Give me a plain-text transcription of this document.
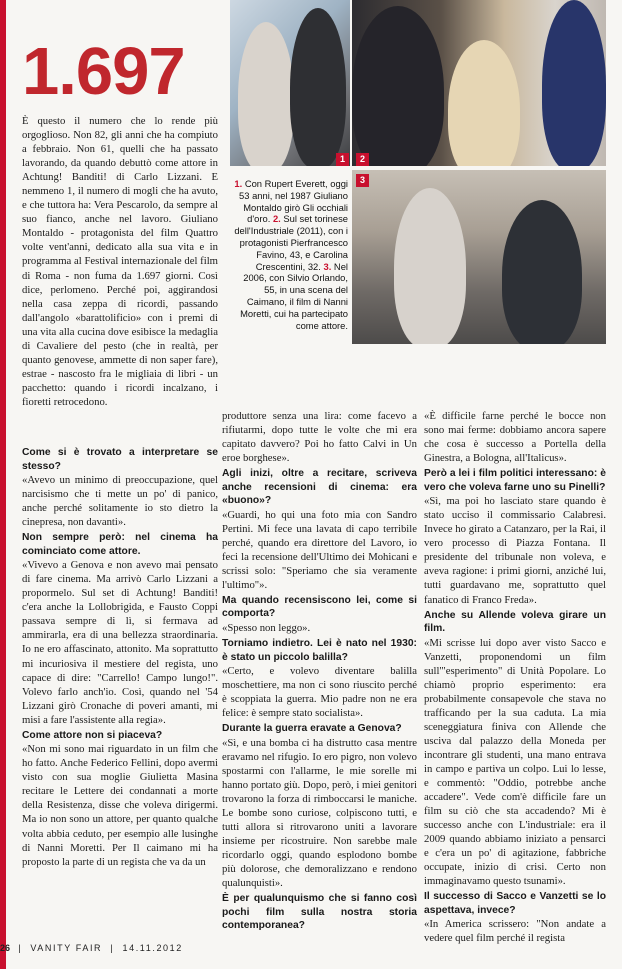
1	2
3
1. Con Rupert Everett, oggi 53 anni, nel 1987 Giuliano Montaldo girò Gli occhiali d'oro. 2. Sul set torinese dell'Industriale (2011), con i protagonisti Pierfrancesco Favino, 43, e Carolina Crescentini, 32. 3. Nel 2006, con Silvio Orlando, 55, in una scena del Caimano, il film di Nanni Moretti, cui ha partecipato come attore.
1.697

È questo il numero che lo rende più orgoglioso. Non 82, gli anni che ha compiuto a febbraio. Non 61, quelli che ha passato lavorando, da quando debuttò come attore in Achtung! Banditi! di Carlo Lizzani. E nemmeno 1, il numero di mogli che ha avuto, e che tuttora ha: Vera Pescarolo, da sempre al suo fianco, anche nel lavoro. Giuliano Montaldo - protagonista del film Quattro volte vent'anni, dedicato alla sua vita e in programma al Festival internazionale del film di Roma - non fuma da 1.697 giorni. Così dice, perlomeno. Perché poi, aggirandosi nella casa zeppa di ricordi, passando dall'angolo «barattolificio» con i premi di una vita alla cucina dove esibisce la medaglia di Cavaliere del pesto (che in realtà, per quanto genovese, ammette di non saper fare), estrae - nascosto fra le migliaia di libri - un pacchetto: quando i ricordi incalzano, i fioretti retrocedono.

Come si è trovato a interpretare se stesso?

«Avevo un minimo di preoccupazione, quel narcisismo che ti mette un po' di panico, anche perché solitamente io sto dietro la cinepresa, non davanti».

Non sempre però: nel cinema ha cominciato come attore.

«Vivevo a Genova e non avevo mai pensato di fare cinema. Ma arrivò Carlo Lizzani a propormelo. Sul set di Achtung! Banditi! c'era anche la Lollobrigida, e Fausto Coppi passava sempre di lì, si fermava ad ammirarla, era di una bellezza straordinaria. Io ne ero affascinato, attonito. Ma soprattutto mi incuriosiva il mestiere del regista, uno capace di dire: "Carrello! Campo lungo!". Volevo farlo anch'io. Così, quando nel '54 Lizzani girò Cronache di poveri amanti, mi misi a fare l'assistente alla regia».

Come attore non si piaceva?

«Non mi sono mai riguardato in un film che ho fatto. Anche Federico Fellini, dopo avermi visto con sua moglie Giulietta Masina recitare le Lettere dei condannati a morte della Resistenza, disse che voleva dirigermi. Ma io non sono un attore, per quanto qualche volta abbia ceduto, per esempio alle lusinghe di Nanni Moretti. Per Il caimano mi ha proposto la parte di un regista che va da un

produttore senza una lira: come facevo a rifiutarmi, dopo tutte le volte che mi era capitato davvero? Poi ho fatto Calvi in Un eroe borghese».

Agli inizi, oltre a recitare, scriveva anche recensioni di cinema: era «buono»?

«Guardi, ho qui una foto mia con Sandro Pertini. Mi fece una lavata di capo terribile perché, quando era direttore del Lavoro, io feci la recensione dell'Ultimo dei Mohicani e scrissi solo: "Speriamo che sia veramente l'ultimo"».

Ma quando recensiscono lei, come si comporta?

«Spesso non leggo».

Torniamo indietro. Lei è nato nel 1930: è stato un piccolo balilla?

«Certo, e volevo diventare balilla moschettiere, ma non ci sono riuscito perché è scoppiata la guerra. Mio padre non ne era felice: è sempre stato socialista».

Durante la guerra eravate a Genova?

«Sì, e una bomba ci ha distrutto casa mentre eravamo nel rifugio. Io ero pigro, non volevo spostarmi con l'allarme, le mie sorelle mi hanno portato giù. Dopo, però, i miei genitori trovarono la forza di rimboccarsi le maniche. Le bombe sono curiose, colpiscono tutti, e tutti allora si ritrovarono uniti a lavorare insieme per ricostruire. Non sarebbe male ricordarlo oggi, quando esplodono bombe più dolorose, che demoralizzano e rendono qualunquisti».

È per qualunquismo che si fanno così pochi film sulla nostra storia contemporanea?

«È difficile farne perché le bocce non sono mai ferme: dobbiamo ancora sapere che cosa è successo a Portella della Ginestra, a Bologna, all'Italicus».

Però a lei i film politici interessano: è vero che voleva farne uno su Pinelli?

«Sì, ma poi ho lasciato stare quando è stato ucciso il commissario Calabresi. Invece ho girato a Catanzaro, per la Rai, il vero processo di Piazza Fontana. Il presidente del tribunale non voleva, e aveva ragione: i primi giorni, anziché lui, tutti guardavano me, soprattutto quel fanatico di Franco Freda».

Anche su Allende voleva girare un film.

«Mi scrisse lui dopo aver visto Sacco e Vanzetti, proponendomi un film sull'"esperimento" di Unità Popolare. Lo chiamò proprio esperimento: era probabilmente consapevole che stava no trafficando per la sua caduta. La mia sceneggiatura finiva con Allende che usciva dal palazzo della Moneda per incontrare gli studenti, una mano entrava in campo e partiva un colpo. Lui lo lesse, e commentò: "Oddio, potrebbe anche accadere". Vede com'è difficile fare un film su ciò che sta accadendo? Mi è successo anche con L'industriale: era il 2009 quando abbiamo iniziato a pensarci e c'era un po' di agitazione, fabbriche occupate, inizio di crisi. Certo non immaginavamo questo tsunami».

Il successo di Sacco e Vanzetti se lo aspettava, invece?

«In America scrissero: "Non andate a vedere quel film perché il regista

26  |  VANITY FAIR  |  14.11.2012
